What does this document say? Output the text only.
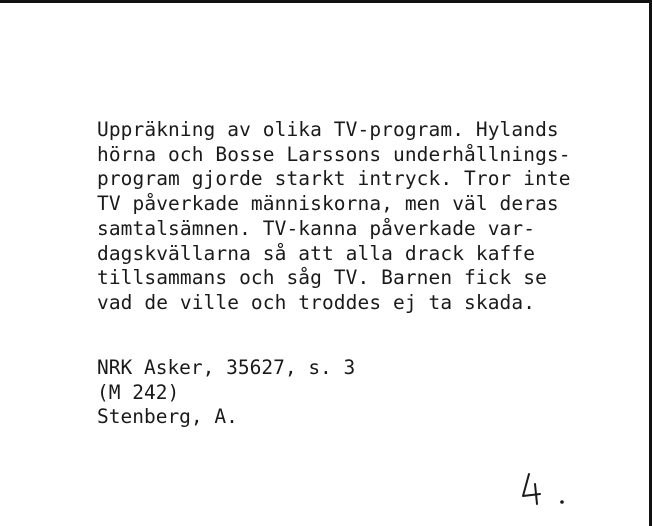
Uppräkning av olika TV-program. Hylands
hörna och Bosse Larssons underhållnings-
program gjorde starkt intryck. Tror inte
TV påverkade människorna, men väl deras
samtalsämnen. TV-kanna påverkade var-
dagskvällarna så att alla drack kaffe
tillsammans och såg TV. Barnen fick se
vad de ville och troddes ej ta skada.

NRK Asker, 35627, s. 3
(M 242)
Stenberg, A.
